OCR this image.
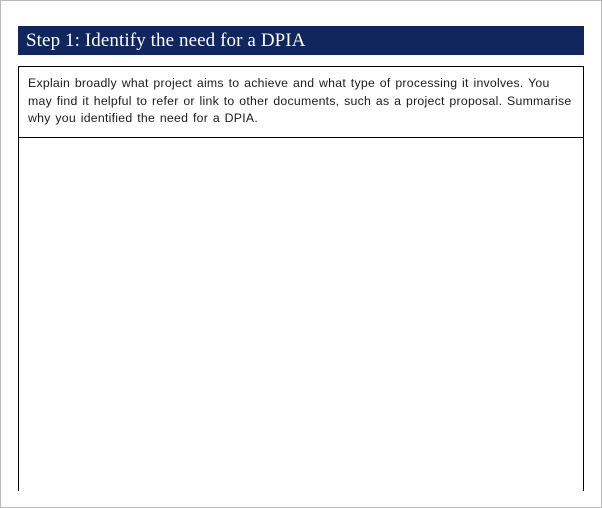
Step 1: Identify the need for a DPIA

Explain broadly what project aims to achieve and what type of processing it involves. You may find it helpful to refer or link to other documents, such as a project proposal. Summarise why you identified the need for a DPIA.
